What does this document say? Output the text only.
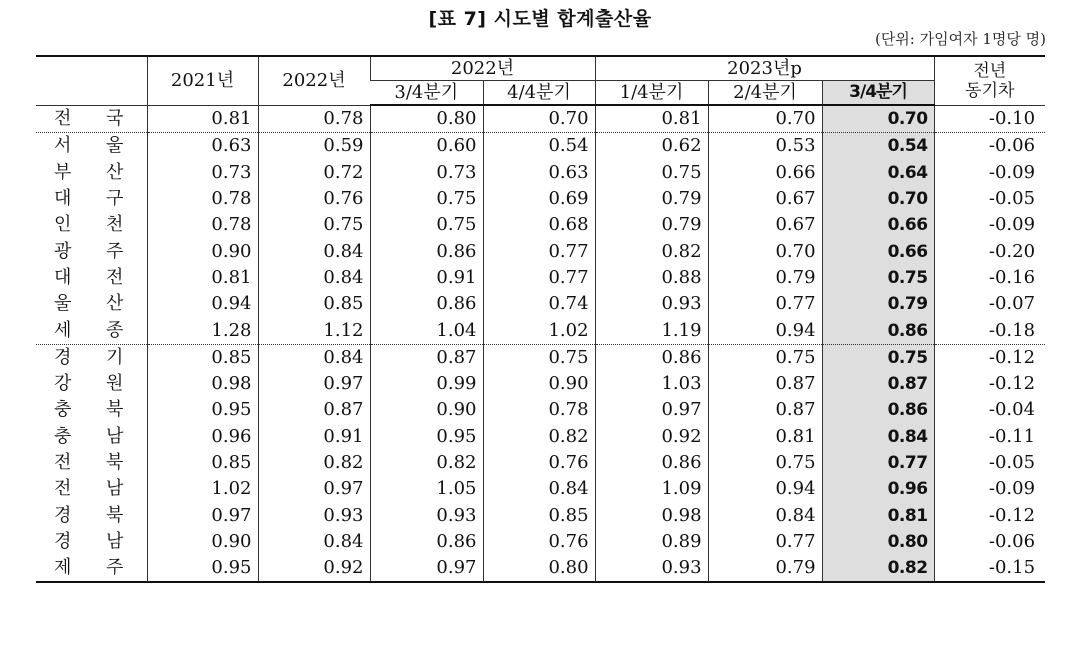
[표 7] 시도별 합계출산율
(단위: 가임여자 1명당 명)
	2021년	2022년	2022년		2023년p			전년
동기차

			3/4분기	4/4분기	1/4분기	2/4분기	3/4분기	
전 국	0.81	0.78	0.80	0.70	0.81	0.70	0.70	-0.10
서 울	0.63	0.59	0.60	0.54	0.62	0.53	0.54	-0.06
부 산	0.73	0.72	0.73	0.63	0.75	0.66	0.64	-0.09
대 구	0.78	0.76	0.75	0.69	0.79	0.67	0.70	-0.05
인 천	0.78	0.75	0.75	0.68	0.79	0.67	0.66	-0.09
광 주	0.90	0.84	0.86	0.77	0.82	0.70	0.66	-0.20
대 전	0.81	0.84	0.91	0.77	0.88	0.79	0.75	-0.16
울 산	0.94	0.85	0.86	0.74	0.93	0.77	0.79	-0.07
세 종	1.28	1.12	1.04	1.02	1.19	0.94	0.86	-0.18
경 기	0.85	0.84	0.87	0.75	0.86	0.75	0.75	-0.12
강 원	0.98	0.97	0.99	0.90	1.03	0.87	0.87	-0.12
충 북	0.95	0.87	0.90	0.78	0.97	0.87	0.86	-0.04
충 남	0.96	0.91	0.95	0.82	0.92	0.81	0.84	-0.11
전 북	0.85	0.82	0.82	0.76	0.86	0.75	0.77	-0.05
전 남	1.02	0.97	1.05	0.84	1.09	0.94	0.96	-0.09
경 북	0.97	0.93	0.93	0.85	0.98	0.84	0.81	-0.12
경 남	0.90	0.84	0.86	0.76	0.89	0.77	0.80	-0.06
제 주	0.95	0.92	0.97	0.80	0.93	0.79	0.82	-0.15
